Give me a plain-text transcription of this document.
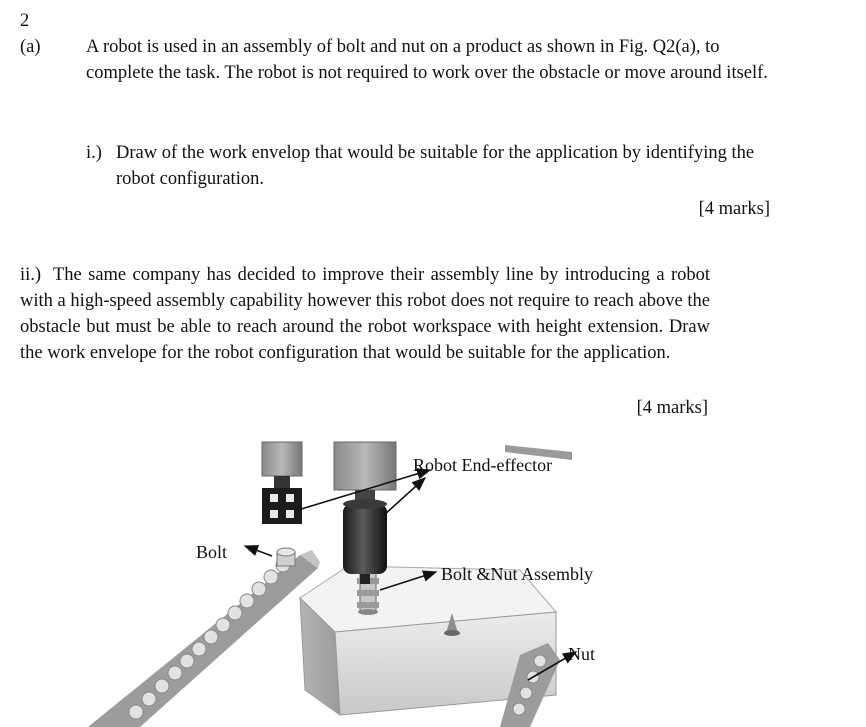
2
(a) A robot is used in an assembly of bolt and nut on a product as shown in Fig. Q2(a), to complete the task. The robot is not required to work over the obstacle or move around itself.
i.) Draw of the work envelop that would be suitable for the application by identifying the robot configuration.
[4 marks]
ii.) The same company has decided to improve their assembly line by introducing a robot with a high-speed assembly capability however this robot does not require to reach above the obstacle but must be able to reach around the robot workspace with height extension. Draw the work envelope for the robot configuration that would be suitable for the application.
[4 marks]
Robot End-effector
Bolt
Bolt &Nut Assembly
Nut
